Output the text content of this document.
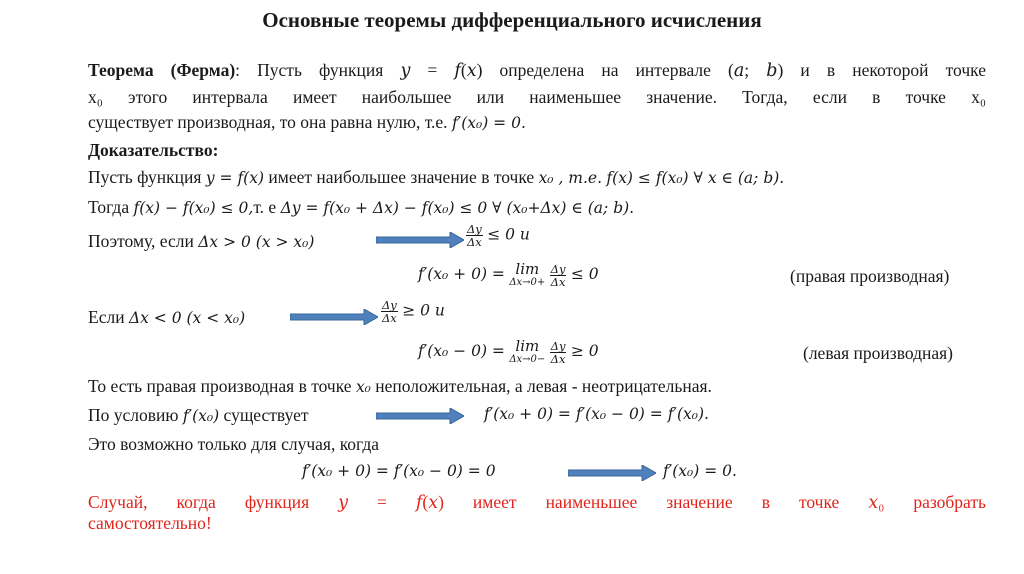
Основные теоремы дифференциального исчисления
Теорема (Ферма): Пусть функция 𝑦 = 𝑓(𝑥) определена на интервале (𝑎; 𝑏) и в некоторой точке
x₀ этого интервала имеет наибольшее или наименьшее значение. Тогда, если в точке x₀
существует производная, то она равна нулю, т.е. 𝑓′(𝑥₀) = 0.
Доказательство:
Пусть функция 𝑦 = 𝑓(𝑥) имеет наибольшее значение в точке 𝑥₀ , т.е. 𝑓(𝑥) ≤ 𝑓(𝑥₀) ∀ 𝑥 ∈ (𝑎; 𝑏).
Тогда 𝑓(𝑥) − 𝑓(𝑥₀) ≤ 0,т. е Δ𝑦 = 𝑓(𝑥₀ + Δ𝑥) − 𝑓(𝑥₀) ≤ 0 ∀ (𝑥₀+Δ𝑥) ∈ (𝑎; 𝑏).
Поэтому, если Δ𝑥 > 0 (𝑥 > 𝑥₀)	$\frac{\text{Δ𝑦}}{\text{Δ𝑥}} \le 0$ и
𝑓′(𝑥₀ + 0) = 𝑙𝑖𝑚
Δ𝑥→0+
$\frac{\text{Δ𝑦}}{\text{Δ𝑥}} \le 0$	(правая производная)
Если Δ𝑥 < 0 (𝑥 < 𝑥₀)	$\frac{\text{Δ𝑦}}{\text{Δ𝑥}} \ge 0$ и
𝑓′(𝑥₀ − 0) = 𝑙𝑖𝑚
Δ𝑥→0−
$\frac{\text{Δ𝑦}}{\text{Δ𝑥}} \ge 0$	(левая производная)
То есть правая производная в точке 𝑥₀ неположительная, а левая - неотрицательная.
По условию 𝑓′(𝑥₀) существует	𝑓′(𝑥₀ + 0) = 𝑓′(𝑥₀ − 0) = 𝑓′(𝑥₀).
Это возможно только для случая, когда
𝑓′(𝑥₀ + 0) = 𝑓′(𝑥₀ − 0) = 0	𝑓′(𝑥₀) = 0.
Случай, когда функция 𝑦 = 𝑓(𝑥) имеет наименьшее значение в точке 𝑥₀ разобрать
самостоятельно!
